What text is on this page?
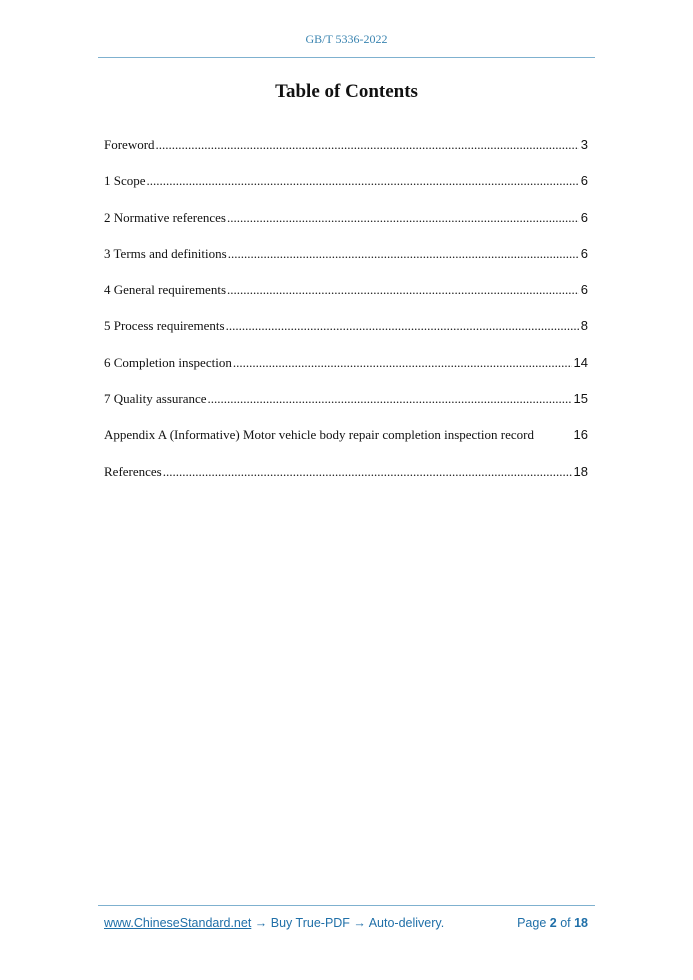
GB/T 5336-2022
Table of Contents
Foreword .....	3
1 Scope .....	6
2 Normative references .....	6
3 Terms and definitions .....	6
4 General requirements .....	6
5 Process requirements .....	8
6 Completion inspection .....	14
7 Quality assurance .....	15
Appendix A (Informative) Motor vehicle body repair completion inspection record	16
References .....	18
www.ChineseStandard.net → Buy True-PDF → Auto-delivery.	Page 2 of 18
